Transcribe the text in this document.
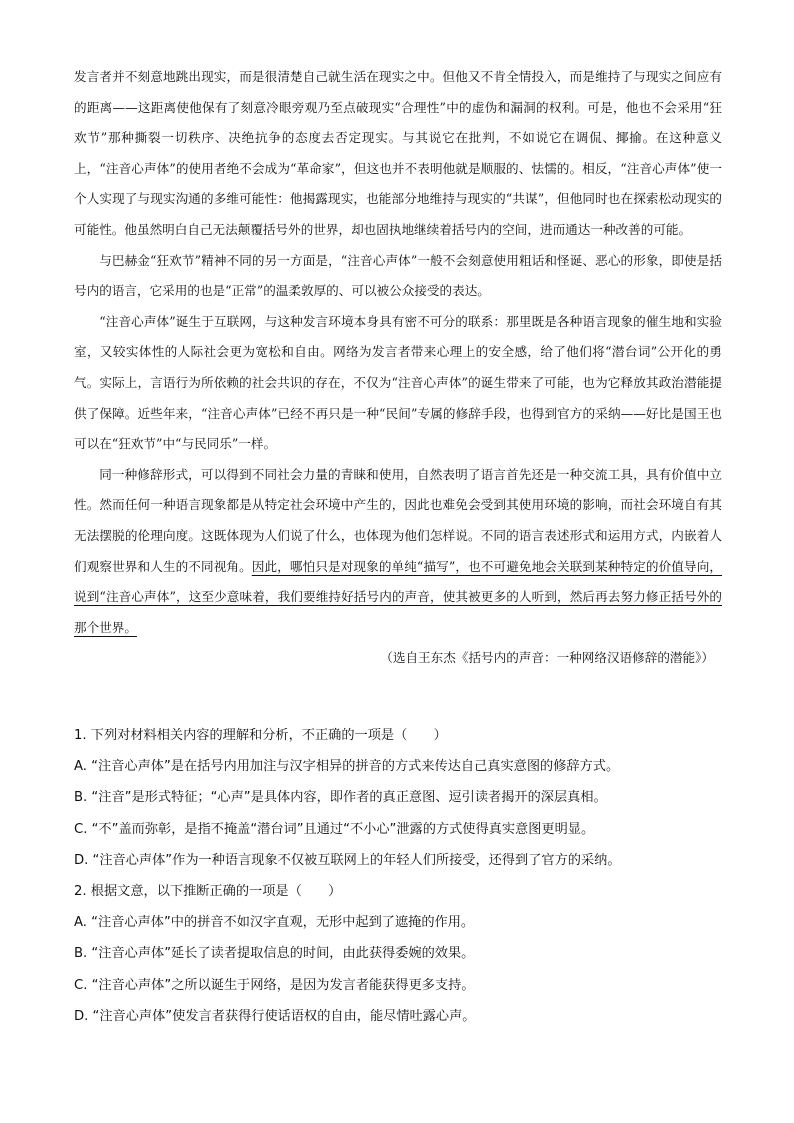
发言者并不刻意地跳出现实，而是很清楚自己就生活在现实之中。但他又不肯全情投入，而是维持了与现实之间应有的距离——这距离使他保有了刻意冷眼旁观乃至点破现实“合理性”中的虚伪和漏洞的权利。可是，他也不会采用“狂欢节”那种撕裂一切秩序、决绝抗争的态度去否定现实。与其说它在批判，不如说它在调侃、揶揄。在这种意义上，“注音心声体”的使用者绝不会成为“革命家”，但这也并不表明他就是顺服的、怯懦的。相反，“注音心声体”使一个人实现了与现实沟通的多维可能性：他揭露现实，也能部分地维持与现实的“共谋”，但他同时也在探索松动现实的可能性。他虽然明白自己无法颠覆括号外的世界，却也固执地继续着括号内的空间，进而通达一种改善的可能。

与巴赫金“狂欢节”精神不同的另一方面是，“注音心声体”一般不会刻意使用粗话和怪诞、恶心的形象，即使是括号内的语言，它采用的也是“正常”的温柔敦厚的、可以被公众接受的表达。

“注音心声体”诞生于互联网，与这种发言环境本身具有密不可分的联系：那里既是各种语言现象的催生地和实验室，又较实体性的人际社会更为宽松和自由。网络为发言者带来心理上的安全感，给了他们将“潜台词”公开化的勇气。实际上，言语行为所依赖的社会共识的存在，不仅为“注音心声体”的诞生带来了可能，也为它释放其政治潜能提供了保障。近些年来，“注音心声体”已经不再只是一种“民间”专属的修辞手段，也得到官方的采纳——好比是国王也可以在“狂欢节”中“与民同乐”一样。

同一种修辞形式，可以得到不同社会力量的青睐和使用，自然表明了语言首先还是一种交流工具，具有价值中立性。然而任何一种语言现象都是从特定社会环境中产生的，因此也难免会受到其使用环境的影响，而社会环境自有其无法摆脱的伦理向度。这既体现为人们说了什么，也体现为他们怎样说。不同的语言表述形式和运用方式，内嵌着人们观察世界和人生的不同视角。因此，哪怕只是对现象的单纯“描写”，也不可避免地会关联到某种特定的价值导向，说到“注音心声体”，这至少意味着，我们要维持好括号内的声音，使其被更多的人听到，然后再去努力修正括号外的那个世界。

（选自王东杰《括号内的声音：一种网络汉语修辞的潜能》）

1. 下列对材料相关内容的理解和分析，不正确的一项是（　　）
A. “注音心声体”是在括号内用加注与汉字相异的拼音的方式来传达自己真实意图的修辞方式。
B. “注音”是形式特征；“心声”是具体内容，即作者的真正意图、逗引读者揭开的深层真相。
C. “不”盖而弥彰，是指不掩盖“潜台词”且通过“不小心”泄露的方式使得真实意图更明显。
D. “注音心声体”作为一种语言现象不仅被互联网上的年轻人们所接受，还得到了官方的采纳。
2. 根据文意，以下推断正确的一项是（　　）
A. “注音心声体”中的拼音不如汉字直观，无形中起到了遮掩的作用。
B. “注音心声体”延长了读者提取信息的时间，由此获得委婉的效果。
C. “注音心声体”之所以诞生于网络，是因为发言者能获得更多支持。
D. “注音心声体”使发言者获得行使话语权的自由，能尽情吐露心声。
